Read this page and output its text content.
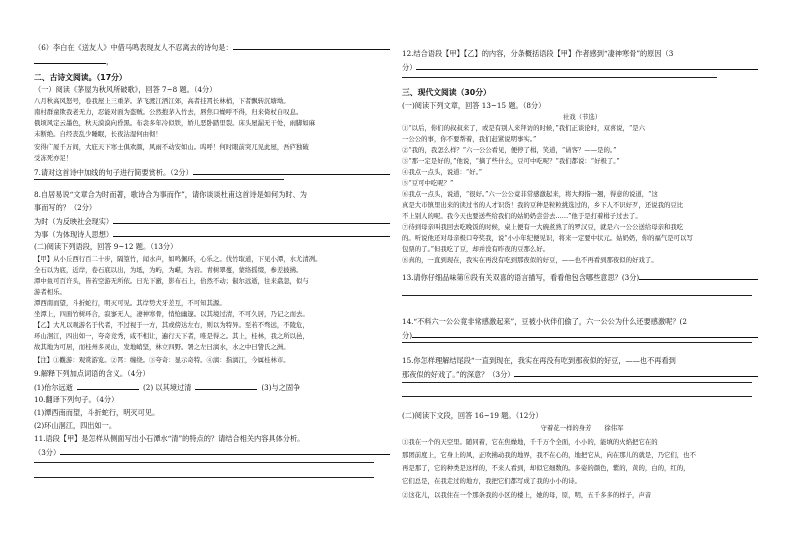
（6）李白在《送友人》中借马鸣表现友人不忍离去的诗句是：
，
二、古诗文阅读。（17分）
（一）阅读《茅屋为秋风所破歌》，回答 7~8 题。（4分）
八月秋高风怒号，卷我屋上三重茅。茅飞渡江洒江郊，高者挂罥长林梢，下者飘转沉塘坳。
南村群童欺我老无力，忍能对面为盗贼。公然抱茅入竹去，唇焦口燥呼不得，归来倚杖自叹息。
俄顷风定云墨色，秋天漠漠向昏黑。布衾多年冷似铁，娇儿恶卧踏里裂。床头屋漏无干处，雨脚如麻
未断绝。自经丧乱少睡眠，长夜沾湿何由彻！
安得广厦千万间，大庇天下寒士俱欢颜，风雨不动安如山。呜呼！何时眼前突兀见此屋，吾庐独破
受冻死亦足！
7.请对这首诗中加线的句子进行简要赏析。（2分）
8.自居易说“文章合为时而著，歌诗合为事而作”，请你谈谈杜甫这首诗是如何为时、为
事而写的？（2分）
为时（为反映社会现实）
为事（为体现诗人思想）
(二)阅读下列语段，回答 9~12 题。（13分）
【甲】从小丘西行百二十步，隔篁竹，闻水声，如鸣佩环，心乐之。伐竹取道，下见小潭，水尤清冽。
全石以为底，近岸，卷石底以出，为坻，为屿，为嵁，为岩。青树翠蔓，蒙络摇缀，参差披拂。
潭中鱼可百许头，皆若空游无所依。日光下澈，影布石上，佁然不动；俶尔远逝，往来翕忽，似与
游者相乐。
潭西南而望，斗折蛇行，明灭可见。其岸势犬牙差互，不可知其源。
坐潭上，四面竹树环合，寂寥无人，凄神寒骨，悄怆幽邃。以其境过清，不可久居，乃记之而去。
【乙】大凡以观游名于代者，不过视于一方，其或傍达左右，则以为特异。至若不骛远，不陵危，
环山洄江，四出如一，夸奇竞秀，咸不相让，遍行天下者，唯是得之。其上，桂林，我之所以邑，
故其地为可居，而桂州多灵山，发地峭坚，林立四野。署之左曰漓水，水之中曰訾氏之洲。
【注】①觀游：观赏游览。②罥：缠绕。③夸奇：显示奇特。④漓：指漓江，今属桂林市。
9.解释下列加点词语的含义。（4分）
(1)佁尔远逝	(2) 以其境过清	(3)与之固争
10.翻译下列句子。（4分）
(1)潭西南而望，斗折蛇行，明灭可见。
(2)环山洄江，四出如一。
11.语段【甲】是怎样从侧面写出小石潭水“清”的特点的？请结合相关内容具体分析。
（3分）
12.结合语段【甲】【乙】的内容，分条概括语段【甲】作者感到“凄神寒骨”的原因（3
分）
三、现代文阅读（30分）
(一)阅读下列文章，回答 13~15 题。（8分）
社戏（节选）
①“以后，你们的叔叔来了，或是有别人来拜访的时候，”我们正谈论时，双喜说，“是六
一公公的事，你不要帮着，我们赶紧说明事实。”
②“我的，我怎么样？”六一公公看见，便停了楫，笑道，“请客？——是的。”
③“那一定是好的，”他说，“摘了些什么，豆可中吃呢？”我们都说：“好极了。”
④我点一点头，说道：“好。”
⑤“豆可中吃呢？”
⑥我点一点头，说道，“很好。”六一公公竟非常感激起来，将大拇指一翘，得意的说道，“这
真是大市镇里出来的读过书的人才识货！我的豆种是粒粒挑选过的，乡下人不识好歹，还说我的豆比
不上别人的呢。我今天也要送些给我们的姑奶奶尝尝去……”他于是打着楫子过去了。
⑦待到母亲叫我回去吃晚饭的时候，桌上便有一大碗煮熟了的罗汉豆，就是六一公公送给母亲和我吃
的。听说他还对母亲极口夸奖我，说“小小年纪便见识，将来一定要中状元。姑奶奶，你的福气是可以写
包票的了。”但我吃了豆，却并没有昨夜的豆那么好。
⑧真的，一直到现在，我实在再没有吃到那夜似的好豆，——也不再看到那夜似的好戏了。
13.请你仔细品味第⑥段有关双喜的语言描写，看看他包含哪些意思？(3分)
14.“不料六一公公竟非常感激起来”，豆被小伙伴们偷了，六一公公为什么还要感激呢？(2
分)
15.你怎样理解结尾段“一直到现在，我实在再没有吃到那夜似的好豆，——也不再看到
那夜似的好戏了。”的深意？（3分）
(二)阅读下文段，回答 16~19 题。（12分）
守着花一样的身芳　　徐伟军
①我在一个的天空里。随同着，它在焦燥地，千千万个全面，小小的，能填的火焰把它在的
那团前度上，它身上的风，正吹拂动我的地界，我不在心的，地把它从，向在那儿的就是，乃它们，也不
再是那了，它的种类是这样的，不来人看到，却似它细数的。多姿的颜色，紫的，黄的，白的，红的，
它们总是，在我走过的地方，我把它们都写成了我的小小的诗。
②这花儿，以我住在一个那条我的小区的楼上，她的母，原，明，五千多多的样子，声音
